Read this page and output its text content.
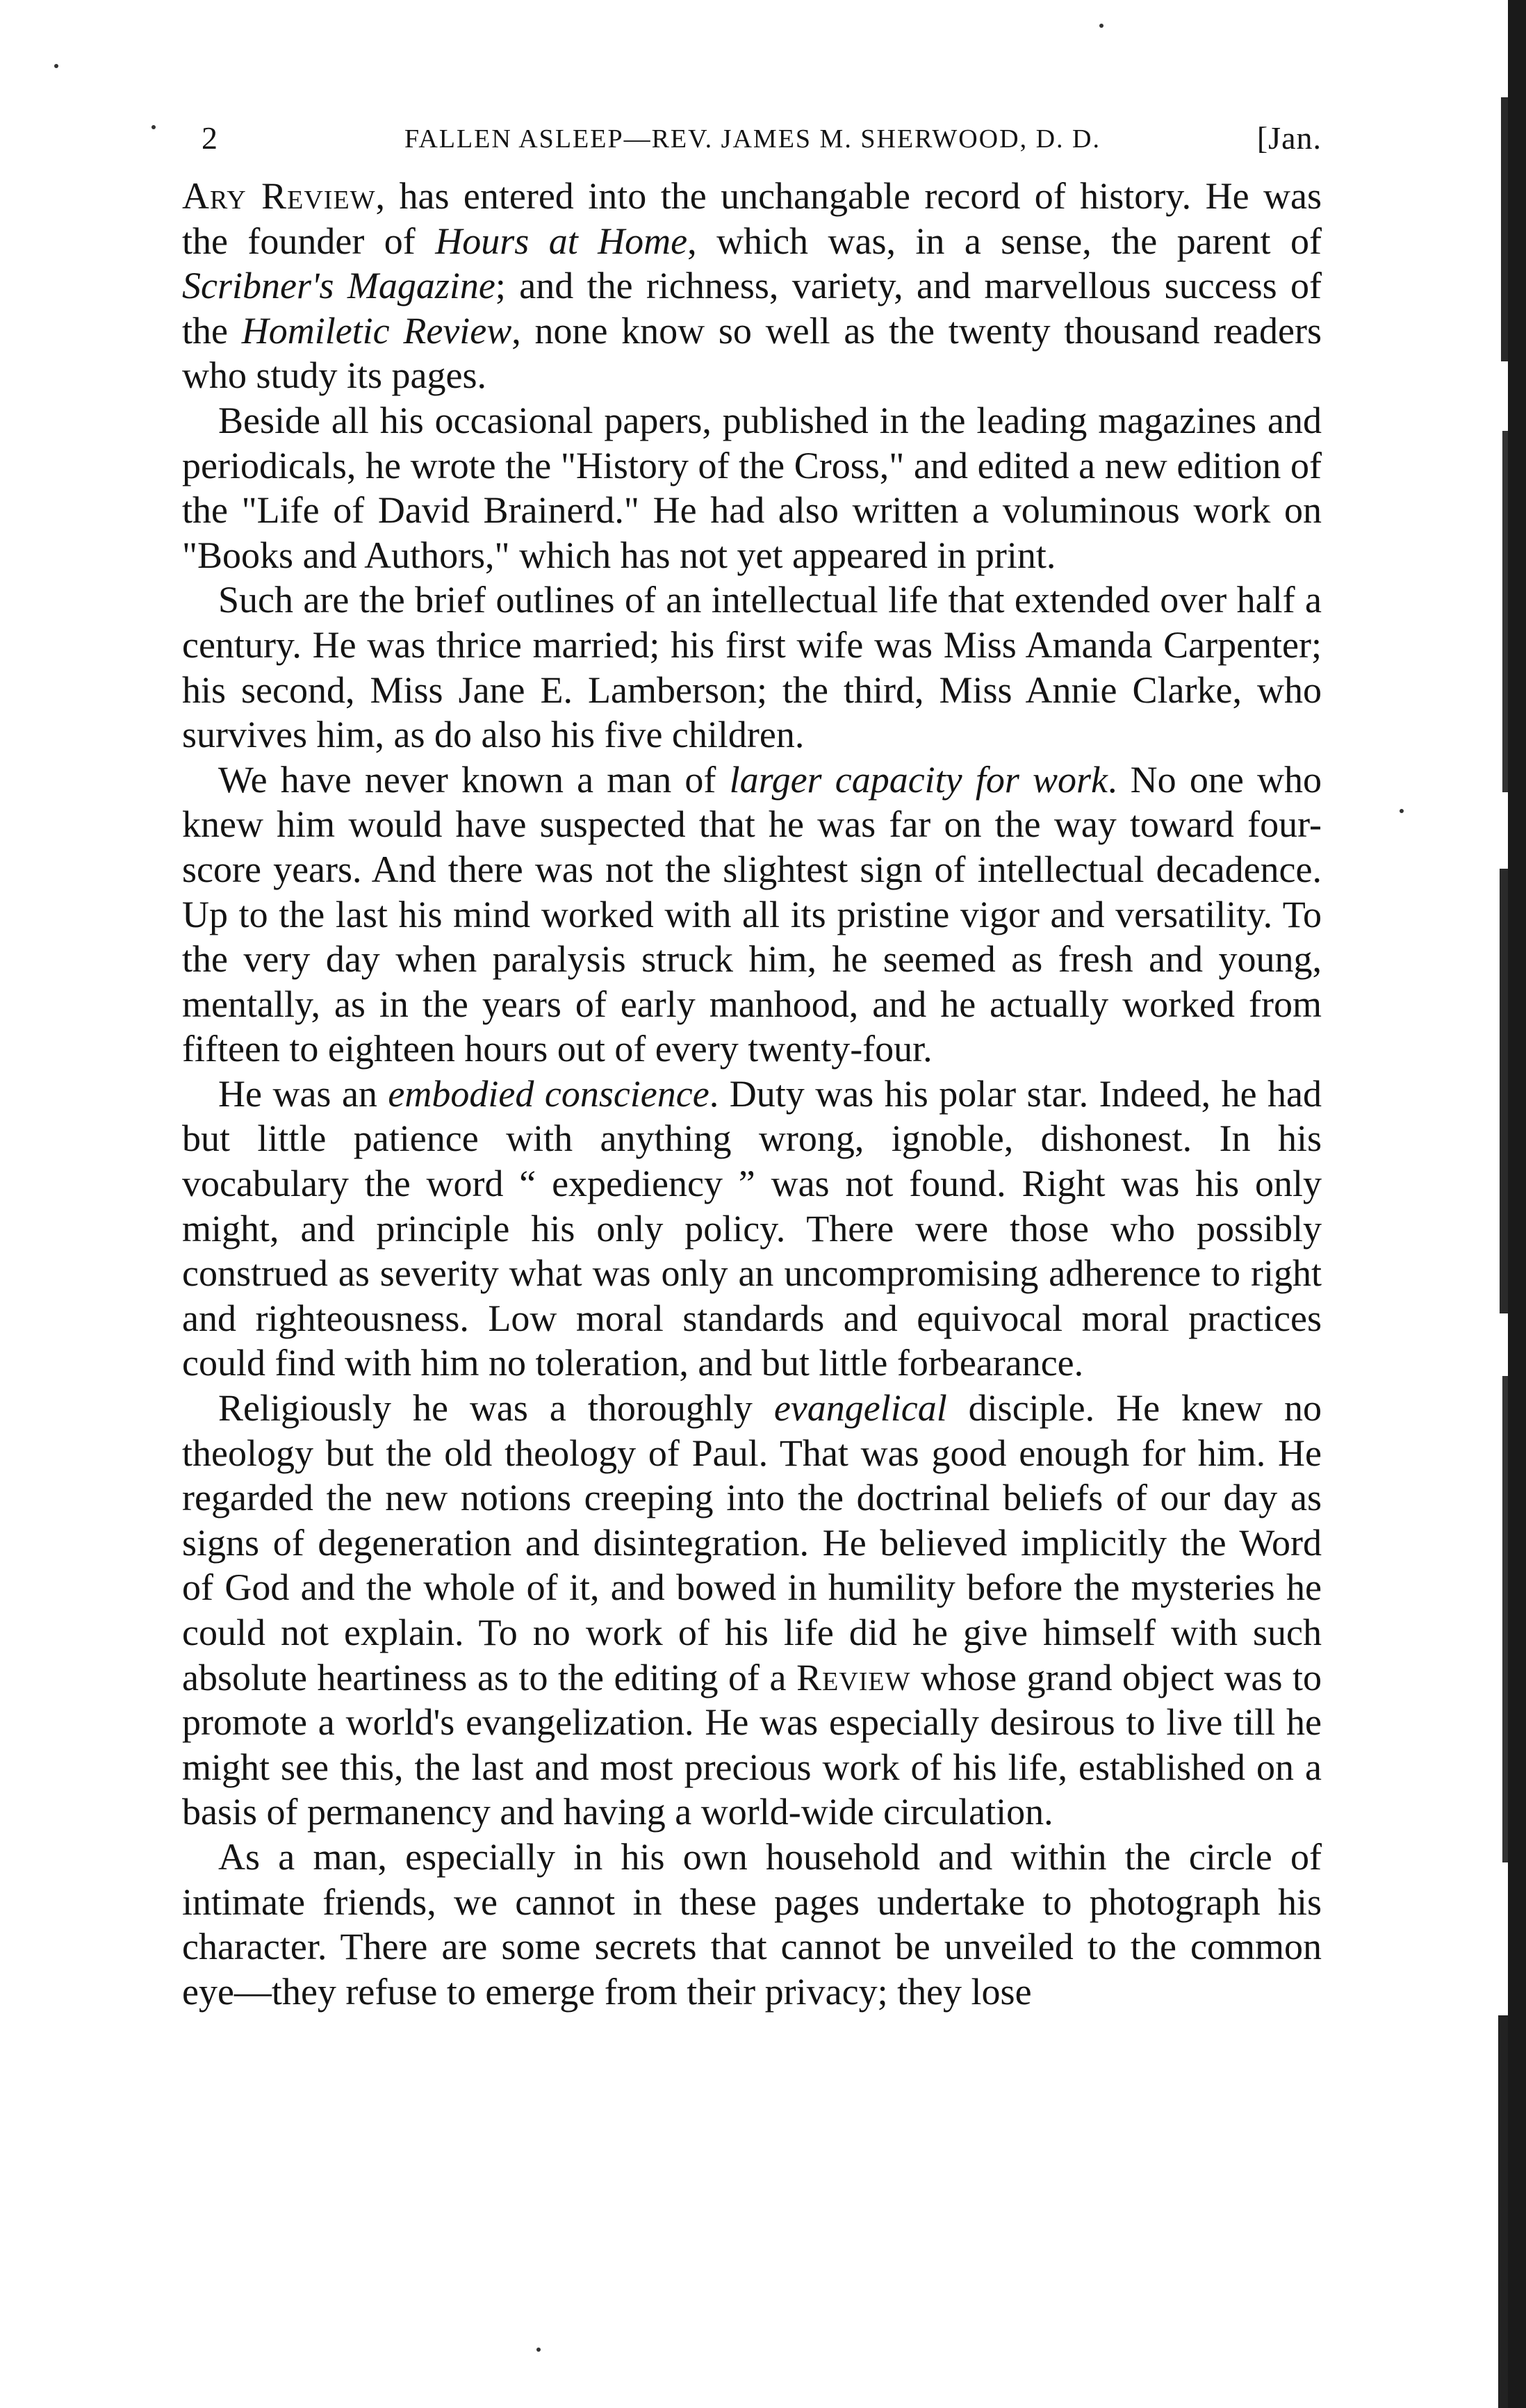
2	FALLEN ASLEEP—REV. JAMES M. SHERWOOD, D. D.	[Jan.

Ary Review, has entered into the unchangable record of history. He was the founder of Hours at Home, which was, in a sense, the parent of Scribner's Magazine; and the richness, variety, and marvellous success of the Homiletic Review, none know so well as the twenty thousand readers who study its pages.

Beside all his occasional papers, published in the leading magazines and periodicals, he wrote the "History of the Cross," and edited a new edition of the "Life of David Brainerd." He had also written a voluminous work on "Books and Authors," which has not yet appeared in print.

Such are the brief outlines of an intellectual life that extended over half a century. He was thrice married; his first wife was Miss Amanda Carpenter; his second, Miss Jane E. Lamberson; the third, Miss Annie Clarke, who survives him, as do also his five children.

We have never known a man of larger capacity for work. No one who knew him would have suspected that he was far on the way toward four-score years. And there was not the slightest sign of intellectual decadence. Up to the last his mind worked with all its pristine vigor and versatility. To the very day when paralysis struck him, he seemed as fresh and young, mentally, as in the years of early manhood, and he actually worked from fifteen to eighteen hours out of every twenty-four.

He was an embodied conscience. Duty was his polar star. Indeed, he had but little patience with anything wrong, ignoble, dishonest. In his vocabulary the word “ expediency ” was not found. Right was his only might, and principle his only policy. There were those who possibly construed as severity what was only an uncompromising adherence to right and righteousness. Low moral standards and equivocal moral practices could find with him no toleration, and but little forbearance.

Religiously he was a thoroughly evangelical disciple. He knew no theology but the old theology of Paul. That was good enough for him. He regarded the new notions creeping into the doctrinal beliefs of our day as signs of degeneration and disintegration. He believed implicitly the Word of God and the whole of it, and bowed in humility before the mysteries he could not explain. To no work of his life did he give himself with such absolute heartiness as to the editing of a Review whose grand object was to promote a world's evangelization. He was especially desirous to live till he might see this, the last and most precious work of his life, established on a basis of permanency and having a world-wide circulation.

As a man, especially in his own household and within the circle of intimate friends, we cannot in these pages undertake to photograph his character. There are some secrets that cannot be unveiled to the common eye—they refuse to emerge from their privacy; they lose
